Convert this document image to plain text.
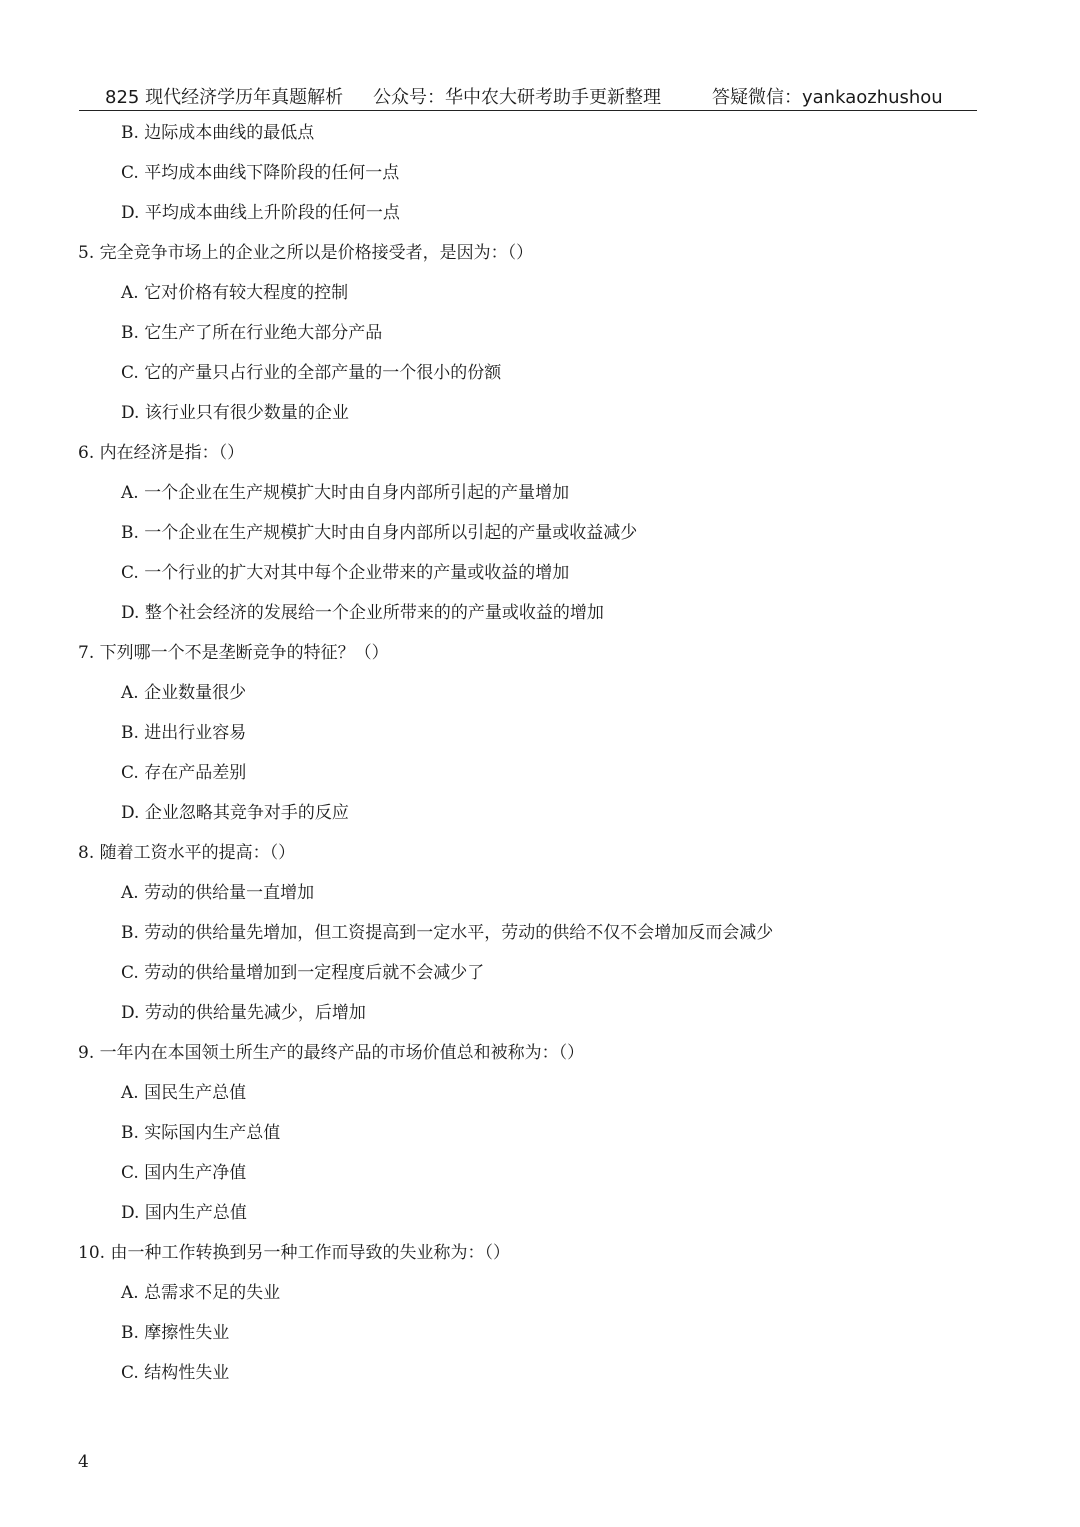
825 现代经济学历年真题解析 公众号：华中农大研考助手更新整理	答疑微信：yankaozhushou
B. 边际成本曲线的最低点
C. 平均成本曲线下降阶段的任何一点
D. 平均成本曲线上升阶段的任何一点
5. 完全竞争市场上的企业之所以是价格接受者，是因为：（）
A. 它对价格有较大程度的控制
B. 它生产了所在行业绝大部分产品
C. 它的产量只占行业的全部产量的一个很小的份额
D. 该行业只有很少数量的企业
6. 内在经济是指：（）
A. 一个企业在生产规模扩大时由自身内部所引起的产量增加
B. 一个企业在生产规模扩大时由自身内部所以引起的产量或收益减少
C. 一个行业的扩大对其中每个企业带来的产量或收益的增加
D. 整个社会经济的发展给一个企业所带来的的产量或收益的增加
7. 下列哪一个不是垄断竞争的特征？（）
A. 企业数量很少
B. 进出行业容易
C. 存在产品差别
D. 企业忽略其竞争对手的反应
8. 随着工资水平的提高：（）
A. 劳动的供给量一直增加
B. 劳动的供给量先增加，但工资提高到一定水平，劳动的供给不仅不会增加反而会减少
C. 劳动的供给量增加到一定程度后就不会减少了
D. 劳动的供给量先减少，后增加
9. 一年内在本国领土所生产的最终产品的市场价值总和被称为：（）
A. 国民生产总值
B. 实际国内生产总值
C. 国内生产净值
D. 国内生产总值
10. 由一种工作转换到另一种工作而导致的失业称为：（）
A. 总需求不足的失业
B. 摩擦性失业
C. 结构性失业
4
